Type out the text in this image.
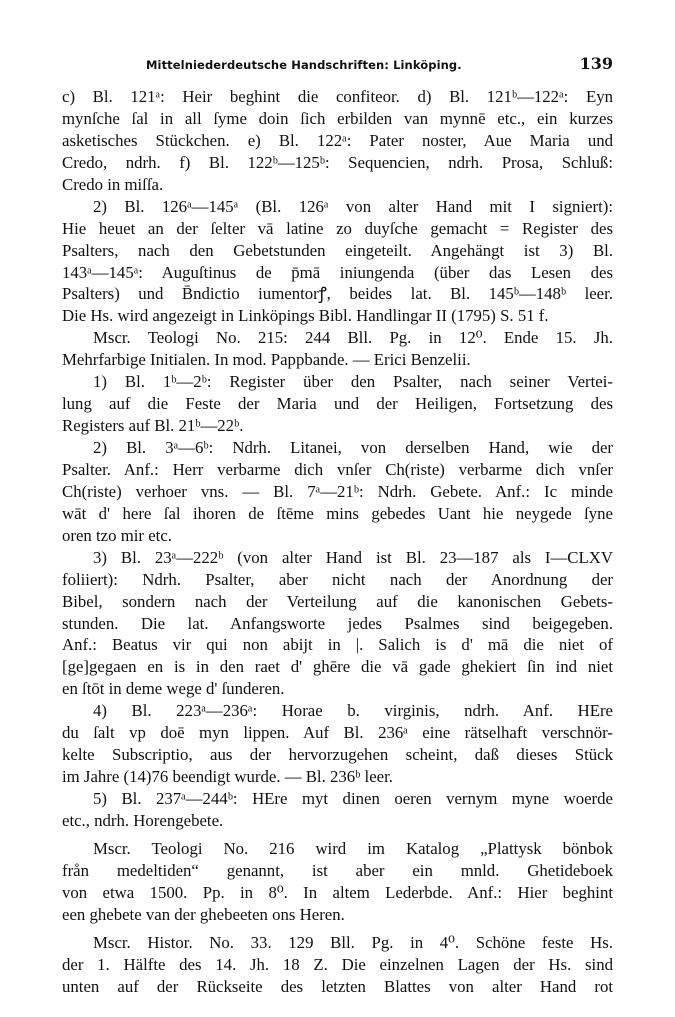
Mittelniederdeutsche Handschriften: Linköping.	139
c) Bl. 121ᵃ: Heir beghint die confiteor. d) Bl. 121ᵇ—122ᵃ: Eyn
mynſche ſal in all ſyme doin ſich erbilden van mynnē etc., ein kurzes
asketisches Stückchen. e) Bl. 122ᵃ: Pater noster, Aue Maria und
Credo, ndrh. f) Bl. 122ᵇ—125ᵇ: Sequencien, ndrh. Prosa, Schluß:
Credo in miſſa.
2) Bl. 126ᵃ—145ᵃ (Bl. 126ᵃ von alter Hand mit I signiert):
Hie heuet an der ſelter vā latine zo duyſche gemacht = Register des
Psalters, nach den Gebetstunden eingeteilt. Angehängt ist 3) Bl.
143ᵃ—145ᵃ: Auguſtinus de p̄mā iniungenda (über das Lesen des
Psalters) und B̄ndictio iumentorꝭ, beides lat. Bl. 145ᵇ—148ᵇ leer.
Die Hs. wird angezeigt in Linköpings Bibl. Handlingar II (1795) S. 51 f.
Mscr. Teologi No. 215: 244 Bll. Pg. in 12⁰. Ende 15. Jh.
Mehrfarbige Initialen. In mod. Pappbande. — Erici Benzelii.
1) Bl. 1ᵇ—2ᵇ: Register über den Psalter, nach seiner Vertei-
lung auf die Feste der Maria und der Heiligen, Fortsetzung des
Registers auf Bl. 21ᵇ—22ᵇ.
2) Bl. 3ᵃ—6ᵇ: Ndrh. Litanei, von derselben Hand, wie der
Psalter. Anf.: Herr verbarme dich vnſer Ch(riste) verbarme dich vnſer
Ch(riste) verhoer vns. — Bl. 7ᵃ—21ᵇ: Ndrh. Gebete. Anf.: Ic minde
wāt d' here ſal ihoren de ſtēme mins gebedes Uant hie neygede ſyne
oren tzo mir etc.
3) Bl. 23ᵃ—222ᵇ (von alter Hand ist Bl. 23—187 als I—CLXV
foliiert): Ndrh. Psalter, aber nicht nach der Anordnung der
Bibel, sondern nach der Verteilung auf die kanonischen Gebets-
stunden. Die lat. Anfangsworte jedes Psalmes sind beigegeben.
Anf.: Beatus vir qui non abijt in |. Salich is d' mā die niet of
[ge]gegaen en is in den raet d' ghēre die vā gade ghekiert ſin ind niet
en ſtōt in deme wege d' ſunderen.
4) Bl. 223ᵃ—236ᵃ: Horae b. virginis, ndrh. Anf. HEre
du ſalt vp doē myn lippen. Auf Bl. 236ᵃ eine rätselhaft verschnör-
kelte Subscriptio, aus der hervorzugehen scheint, daß dieses Stück
im Jahre (14)76 beendigt wurde. — Bl. 236ᵇ leer.
5) Bl. 237ᵃ—244ᵇ: HEre myt dinen oeren vernym myne woerde
etc., ndrh. Horengebete.
Mscr. Teologi No. 216 wird im Katalog „Plattysk bönbok
från medeltiden“ genannt, ist aber ein mnld. Ghetideboek
von etwa 1500. Pp. in 8⁰. In altem Lederbde. Anf.: Hier beghint
een ghebete van der ghebeeten ons Heren.
Mscr. Histor. No. 33. 129 Bll. Pg. in 4⁰. Schöne feste Hs.
der 1. Hälfte des 14. Jh. 18 Z. Die einzelnen Lagen der Hs. sind
unten auf der Rückseite des letzten Blattes von alter Hand rot
